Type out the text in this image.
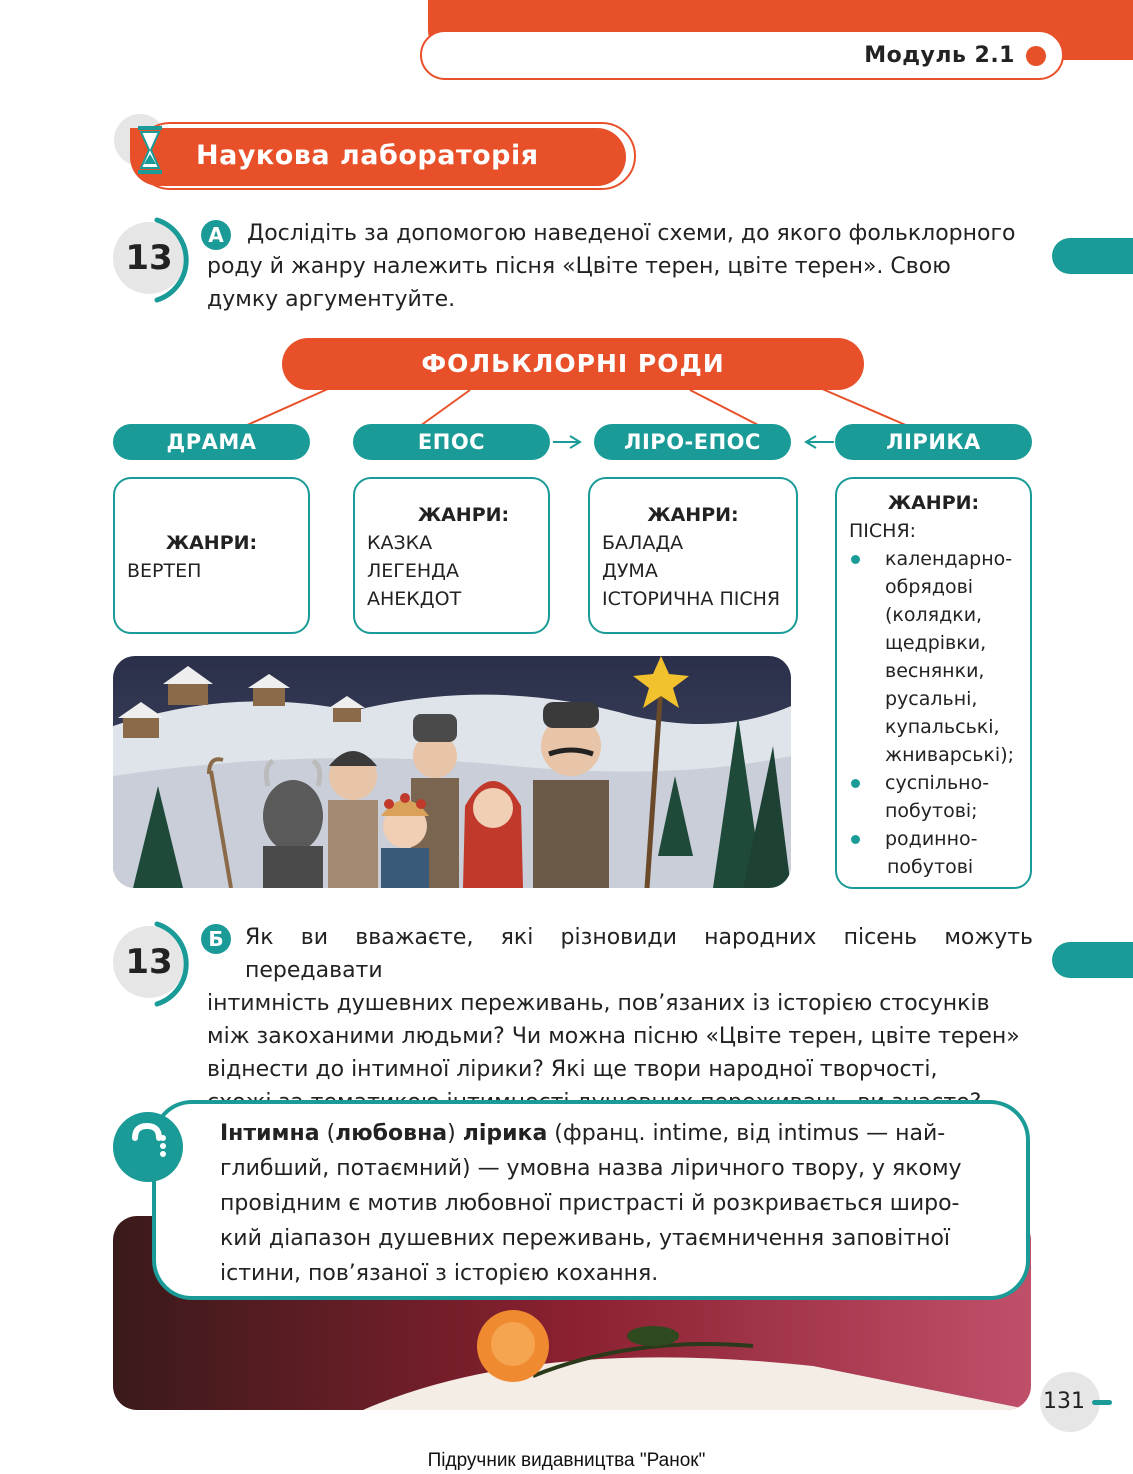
Модуль 2.1
Наукова лабораторія
13
А	Дослідіть за допомогою наведеної схеми, до якого фольклорного
роду й жанру належить пісня «Цвіте терен, цвіте терен». Свою
думку аргументуйте.
ФОЛЬКЛОРНІ РОДИ
ДРАМА	ЕПОС	ЛІРО-ЕПОС	ЛІРИКА
ЖАНРИ:
ВЕРТЕП
ЖАНРИ:
КАЗКА
ЛЕГЕНДА
АНЕКДОТ
ЖАНРИ:
БАЛАДА
ДУМА
ІСТОРИЧНА ПІСНЯ
ЖАНРИ:
ПІСНЯ:
календарно-
обрядові
(колядки,
щедрівки,
веснянки,
русальні,
купальські,
жниварські);
суспільно-
побутові;
родинно-
побутові
13
Б Як ви вважаєте, які різновиди народних пісень можуть передавати
інтимність душевних переживань, пов’язаних із історією стосунків
між закоханими людьми? Чи можна пісню «Цвіте терен, цвіте терен»
віднести до інтимної лірики? Які ще твори народної творчості,
Інтимна (любовна) лірика (франц. intime, від intimus — най-
глибший, потаємний) — умовна назва ліричного твору, у якому
провідним є мотив любовної пристрасті й розкривається широ-
кий діапазон душевних переживань, утаємничення заповітної
істини, пов’язаної з історією кохання.
131
Підручник видавництва "Ранок"
